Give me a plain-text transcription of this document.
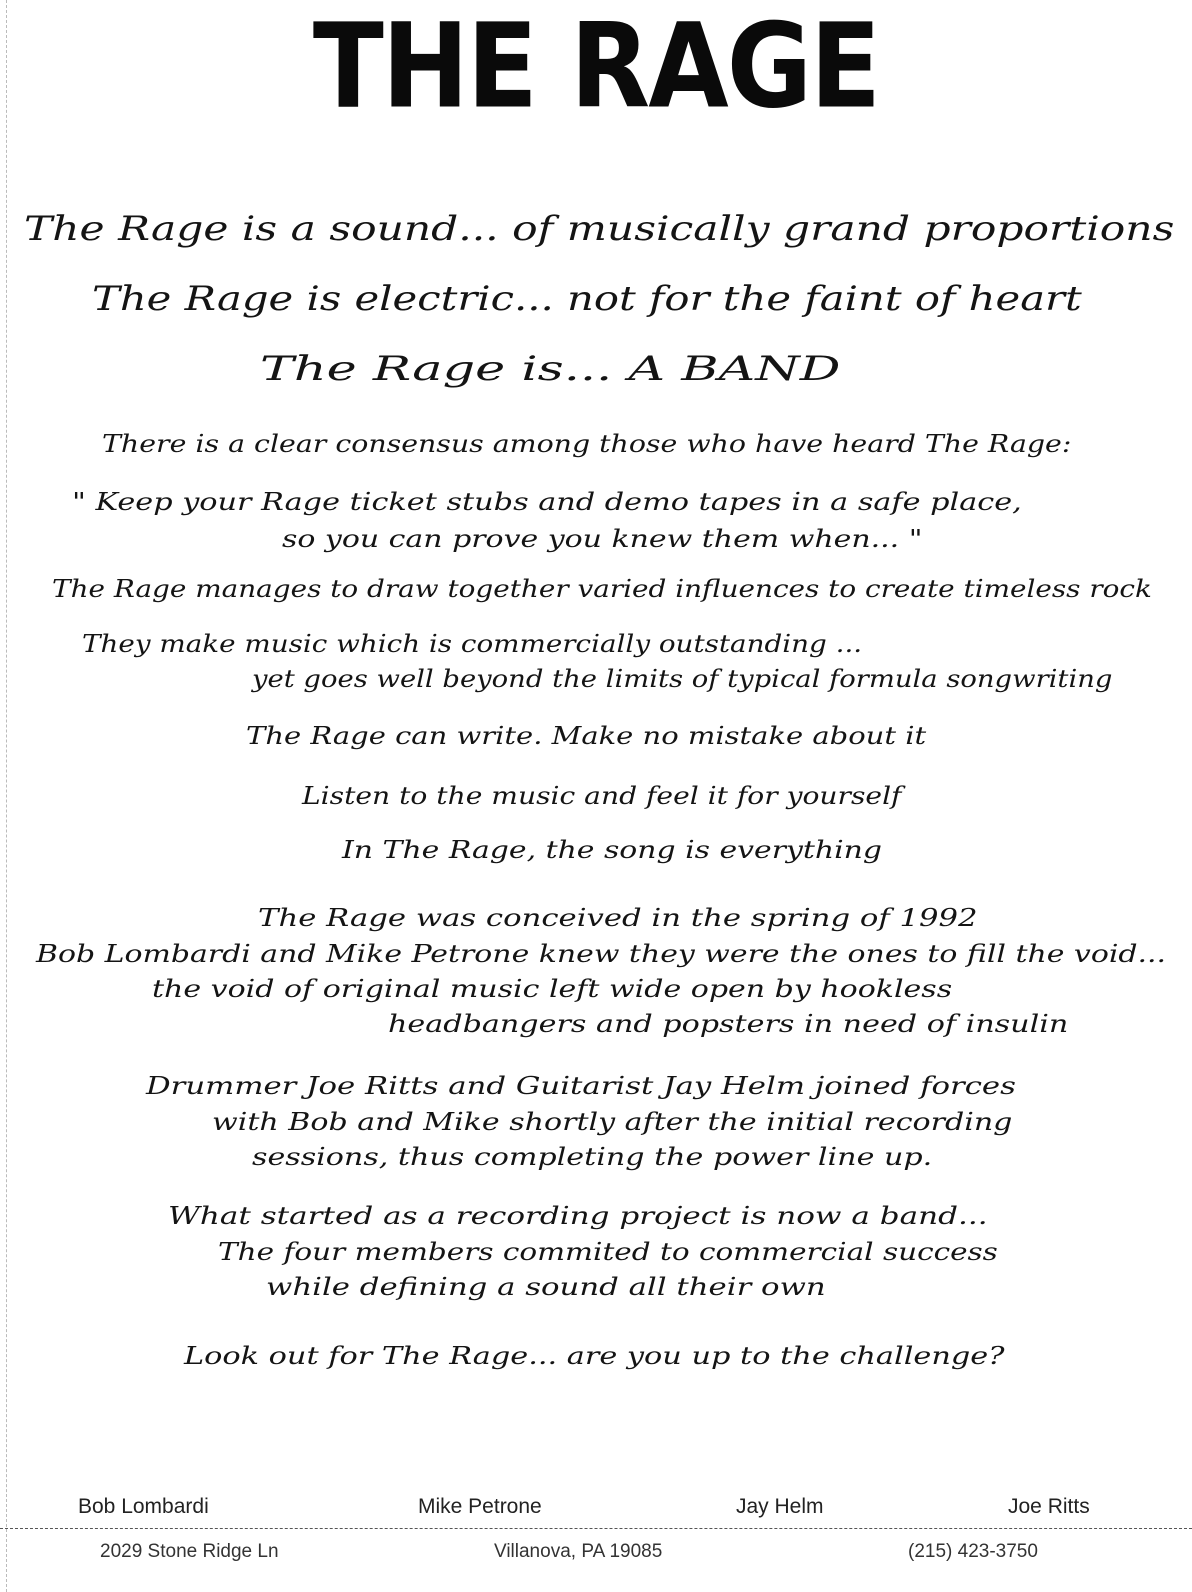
THE RAGE
The Rage is a sound... of musically grand proportions
The Rage is electric... not for the faint of heart
The Rage is... A BAND
There is a clear consensus among those who have heard The Rage:
" Keep your Rage ticket stubs and demo tapes in a safe place,
so you can prove you knew them when... "
The Rage manages to draw together varied influences to create timeless rock
They make music which is commercially outstanding ...
yet goes well beyond the limits of typical formula songwriting
The Rage can write. Make no mistake about it
Listen to the music and feel it for yourself
In The Rage, the song is everything
The Rage was conceived in the spring of 1992
Bob Lombardi and Mike Petrone knew they were the ones to fill the void...
the void of original music left wide open by hookless
headbangers and popsters in need of insulin
Drummer Joe Ritts and Guitarist Jay Helm joined forces
with Bob and Mike shortly after the initial recording
sessions, thus completing the power line up.
What started as a recording project is now a band...
The four members commited to commercial success
while defining a sound all their own
Look out for The Rage... are you up to the challenge?
Bob Lombardi	Mike Petrone	Jay Helm	Joe Ritts
2029 Stone Ridge Ln	Villanova, PA 19085	(215) 423-3750
